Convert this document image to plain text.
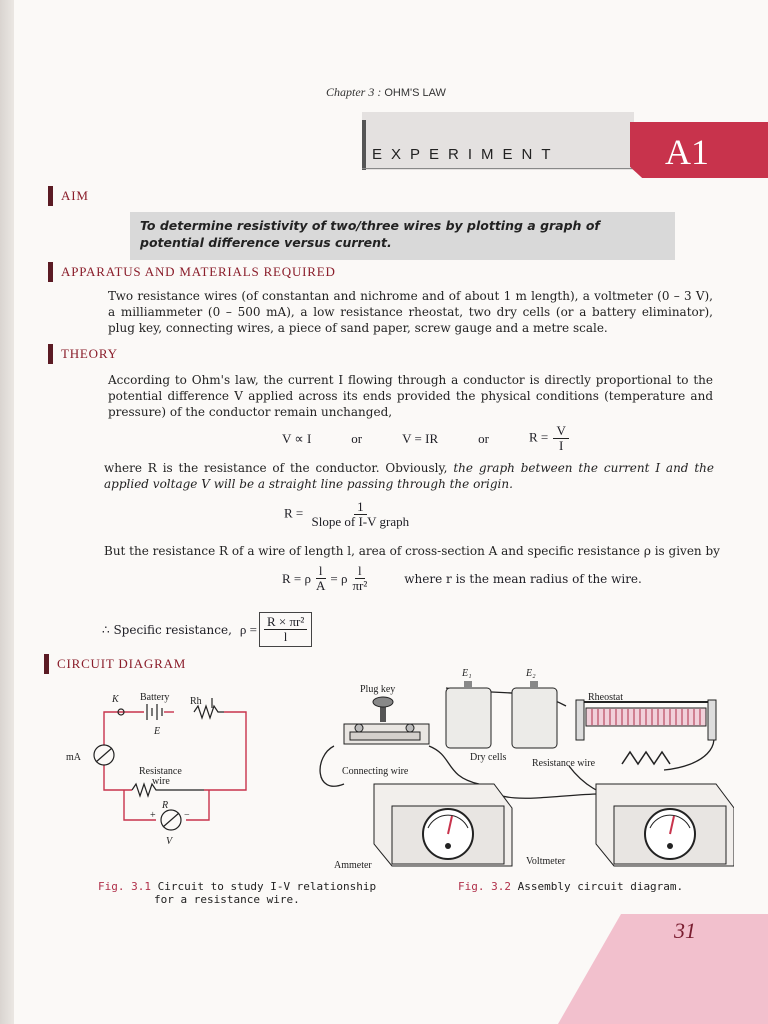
Chapter 3 : OHM'S LAW
EXPERIMENT	A1
AIM
To determine resistivity of two/three wires by plotting a graph of potential difference versus current.
APPARATUS AND MATERIALS REQUIRED
Two resistance wires (of constantan and nichrome and of about 1 m length), a voltmeter (0 – 3 V), a milliammeter (0 – 500 mA), a low resistance rheostat, two dry cells (or a battery eliminator), plug key, connecting wires, a piece of sand paper, screw gauge and a metre scale.
THEORY
According to Ohm's law, the current I flowing through a conductor is directly proportional to the potential difference V applied across its ends provided the physical conditions (temperature and pressure) of the conductor remain unchanged,
V ∝ I	or	V = IR	or	$R = \frac{V}{I}$
where R is the resistance of the conductor. Obviously, the graph between the current I and the applied voltage V will be a straight line passing through the origin.
$R = \frac{1}{\text{Slope of I-V graph}}$
But the resistance R of a wire of length l, area of cross-section A and specific resistance ρ is given by
R = ρ $\frac{l}{A} = \rho \frac{l}{\text{πr²}}$	where r is the mean radius of the wire.
∴ Specific resistance, $\rho = \frac{\text{R × πr²}}{l}$
CIRCUIT DIAGRAM
K Battery Rh
E
mA
Resistance
wire
R
V
+	−
Plug key
E₁	E₂
Rheostat
Dry cells
Resistance wire
Connecting wire
Ammeter	Voltmeter
Fig. 3.1 Circuit to study I-V relationship
for a resistance wire.
Fig. 3.2 Assembly circuit diagram.
31
